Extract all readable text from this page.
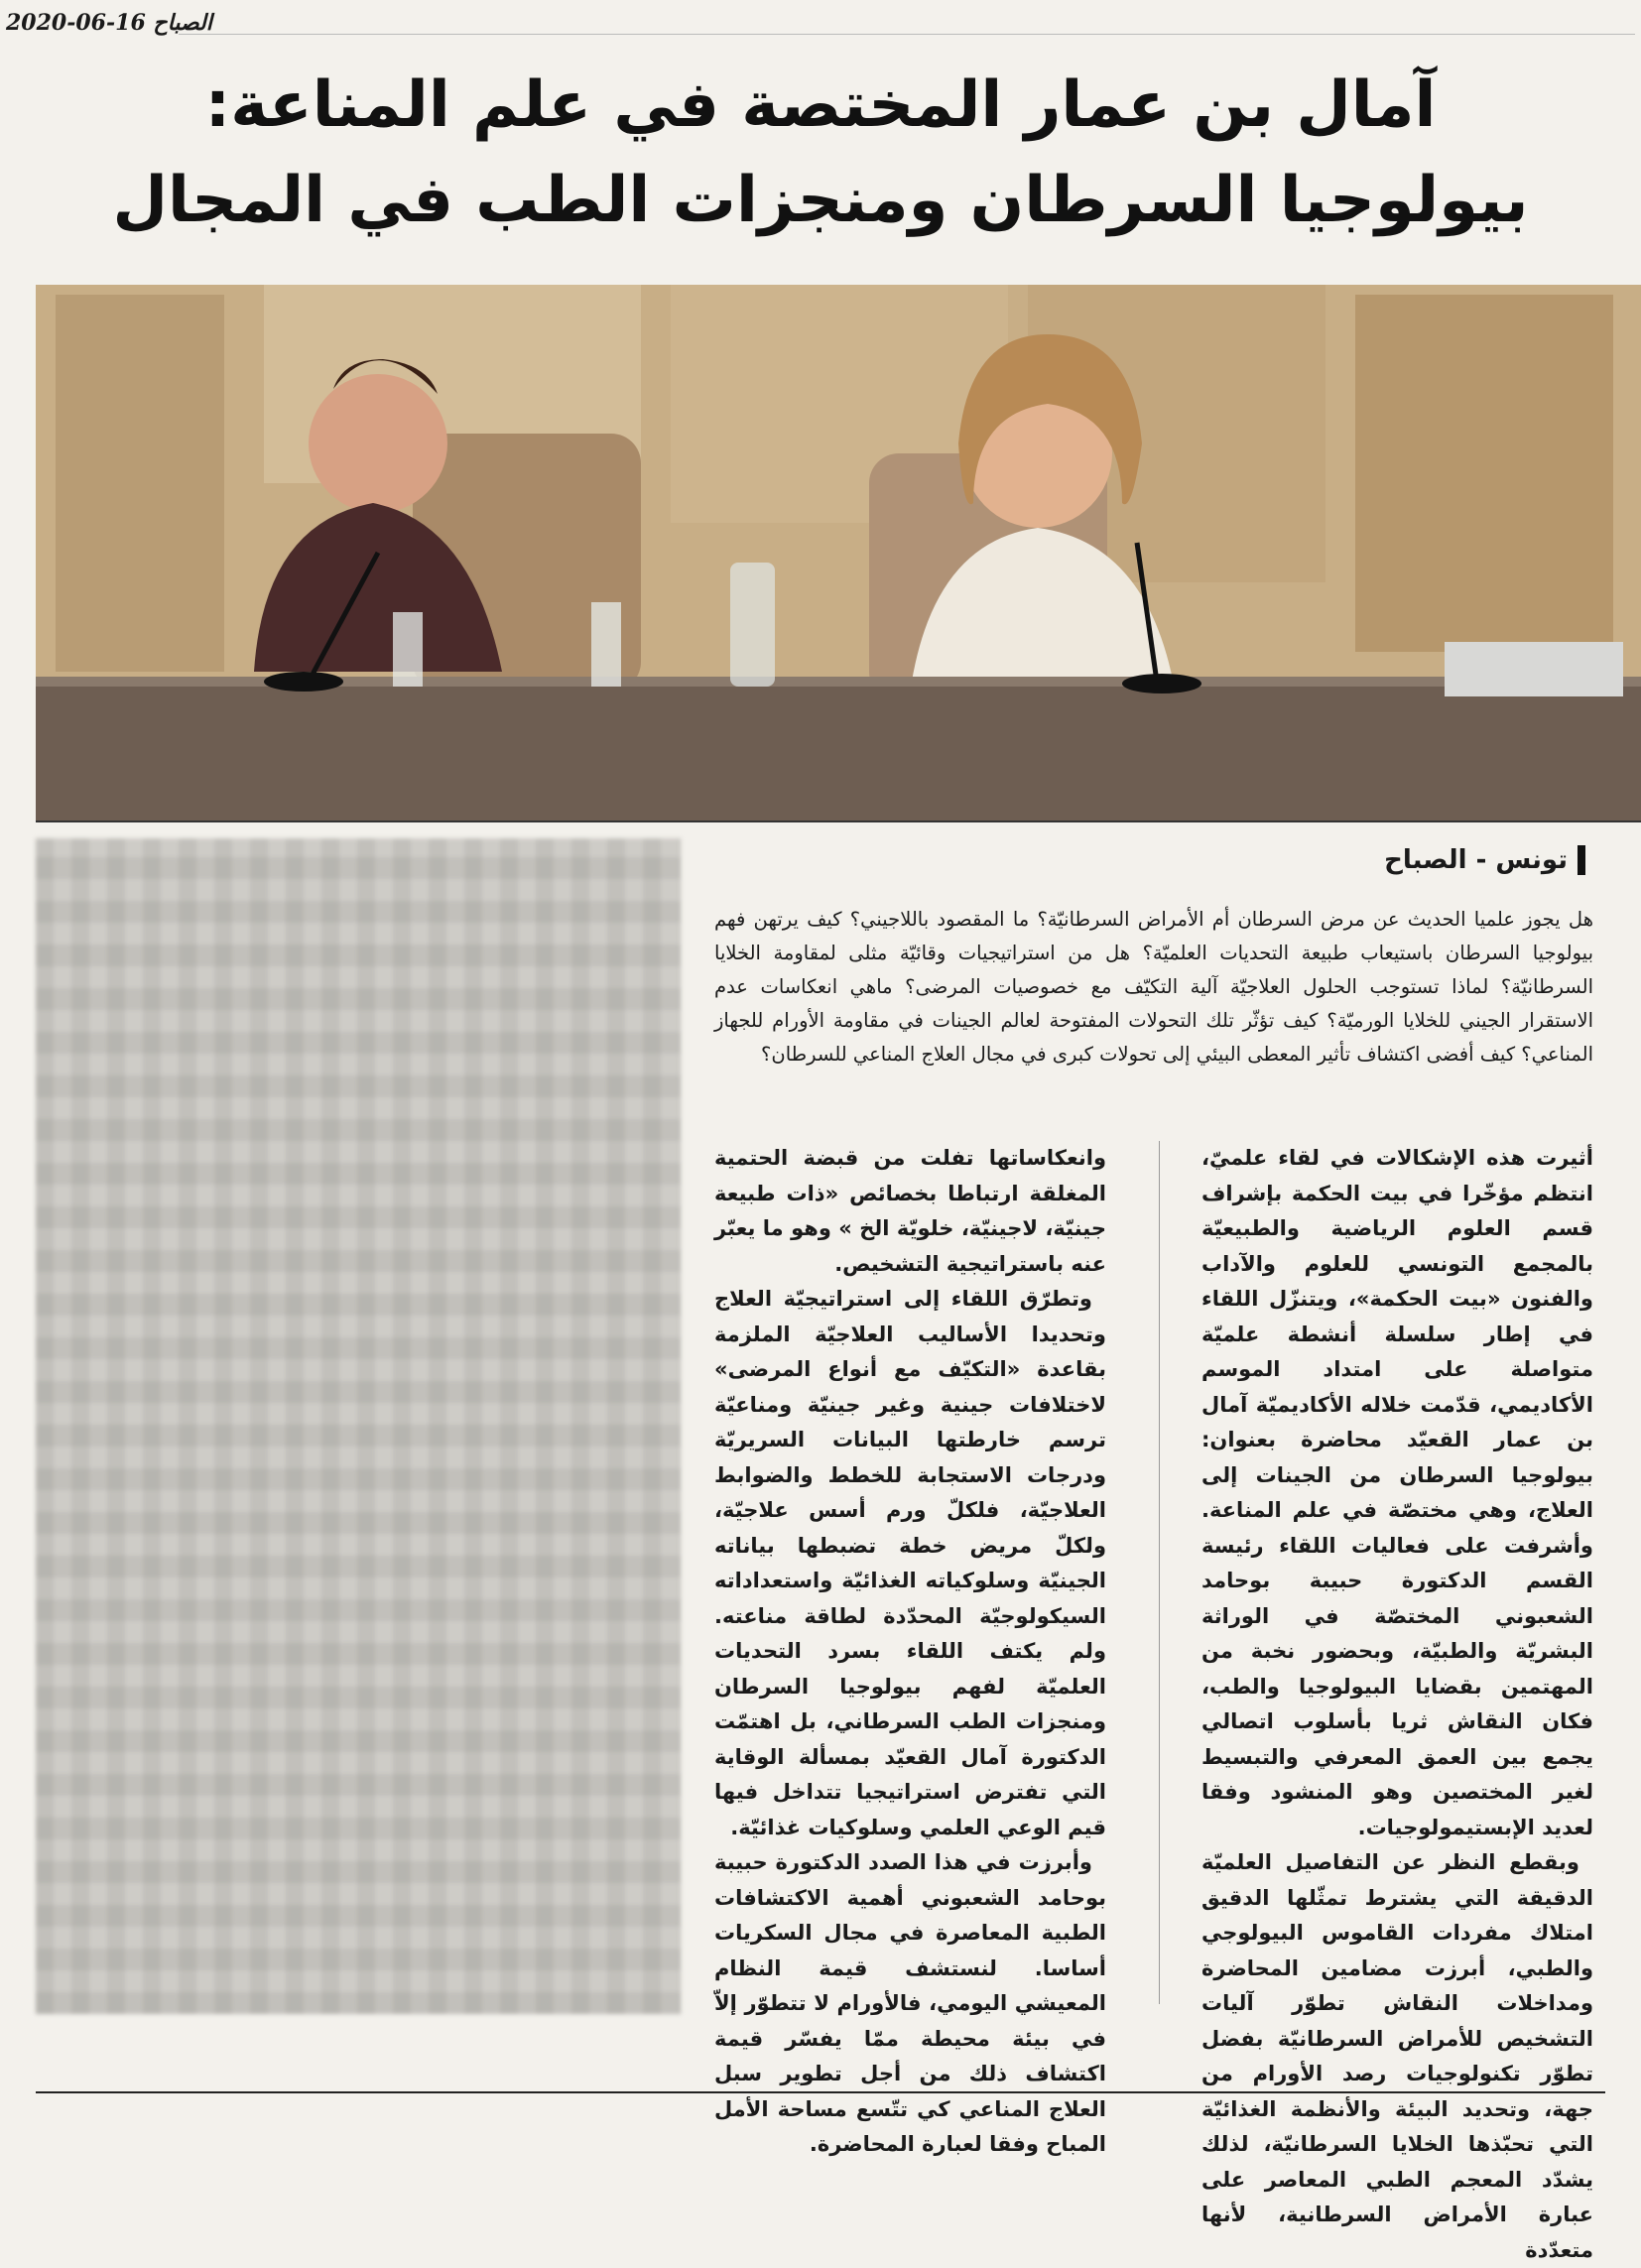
الصباح 16-06-2020
آمال بن عمار المختصة في علم المناعة:
بيولوجيا السرطان ومنجزات الطب في المجال
تونس - الصباح

هل يجوز علميا الحديث عن مرض السرطان أم الأمراض السرطانيّة؟ ما المقصود باللاجيني؟ كيف يرتهن فهم بيولوجيا السرطان باستيعاب طبيعة التحديات العلميّة؟ هل من استراتيجيات وقائيّة مثلى لمقاومة الخلايا السرطانيّة؟ لماذا تستوجب الحلول العلاجيّة آلية التكيّف مع خصوصيات المرضى؟ ماهي انعكاسات عدم الاستقرار الجيني للخلايا الورميّة؟ كيف تؤثّر تلك التحولات المفتوحة لعالم الجينات في مقاومة الأورام للجهاز المناعي؟ كيف أفضى اكتشاف تأثير المعطى البيئي إلى تحولات كبرى في مجال العلاج المناعي للسرطان؟

أثيرت هذه الإشكالات في لقاء علميّ، انتظم مؤخّرا في بيت الحكمة بإشراف قسم العلوم الرياضية والطبيعيّة بالمجمع التونسي للعلوم والآداب والفنون «بيت الحكمة»، ويتنزّل اللقاء في إطار سلسلة أنشطة علميّة متواصلة على امتداد الموسم الأكاديمي، قدّمت خلاله الأكاديميّة آمال بن عمار القعيّد محاضرة بعنوان: بيولوجيا السرطان من الجينات إلى العلاج، وهي مختصّة في علم المناعة. وأشرفت على فعاليات اللقاء رئيسة القسم الدكتورة حبيبة بوحامد الشعبوني المختصّة في الوراثة البشريّة والطبيّة، وبحضور نخبة من المهتمين بقضايا البيولوجيا والطب، فكان النقاش ثريا بأسلوب اتصالي يجمع بين العمق المعرفي والتبسيط لغير المختصين وهو المنشود وفقا لعديد الإبستيمولوجيات.

وبقطع النظر عن التفاصيل العلميّة الدقيقة التي يشترط تمثّلها الدقيق امتلاك مفردات القاموس البيولوجي والطبي، أبرزت مضامين المحاضرة ومداخلات النقاش تطوّر آليات التشخيص للأمراض السرطانيّة بفضل تطوّر تكنولوجيات رصد الأورام من جهة، وتحديد البيئة والأنظمة الغذائيّة التي تحبّذها الخلايا السرطانيّة، لذلك يشدّد المعجم الطبي المعاصر على عبارة الأمراض السرطانية، لأنها متعدّدة

وانعكاساتها تفلت من قبضة الحتمية المغلقة ارتباطا بخصائص «ذات طبيعة جينيّة، لاجينيّة، خلويّة الخ » وهو ما يعبّر عنه باستراتيجية التشخيص.

وتطرّق اللقاء إلى استراتيجيّة العلاج وتحديدا الأساليب العلاجيّة الملزمة بقاعدة «التكيّف مع أنواع المرضى» لاختلافات جينية وغير جينيّة ومناعيّة ترسم خارطتها البيانات السريريّة ودرجات الاستجابة للخطط والضوابط العلاجيّة، فلكلّ ورم أسس علاجيّة، ولكلّ مريض خطة تضبطها بياناته الجينيّة وسلوكياته الغذائيّة واستعداداته السيكولوجيّة المحدّدة لطاقة مناعته. ولم يكتف اللقاء بسرد التحديات العلميّة لفهم بيولوجيا السرطان ومنجزات الطب السرطاني، بل اهتمّت الدكتورة آمال القعيّد بمسألة الوقاية التي تفترض استراتيجيا تتداخل فيها قيم الوعي العلمي وسلوكيات غذائيّة.

وأبرزت في هذا الصدد الدكتورة حبيبة بوحامد الشعبوني أهمية الاكتشافات الطبية المعاصرة في مجال السكريات أساسا. لنستشف قيمة النظام المعيشي اليومي، فالأورام لا تتطوّر إلاّ في بيئة محيطة ممّا يفسّر قيمة اكتشاف ذلك من أجل تطوير سبل العلاج المناعي كي تتّسع مساحة الأمل المباح وفقا لعبارة المحاضرة.
